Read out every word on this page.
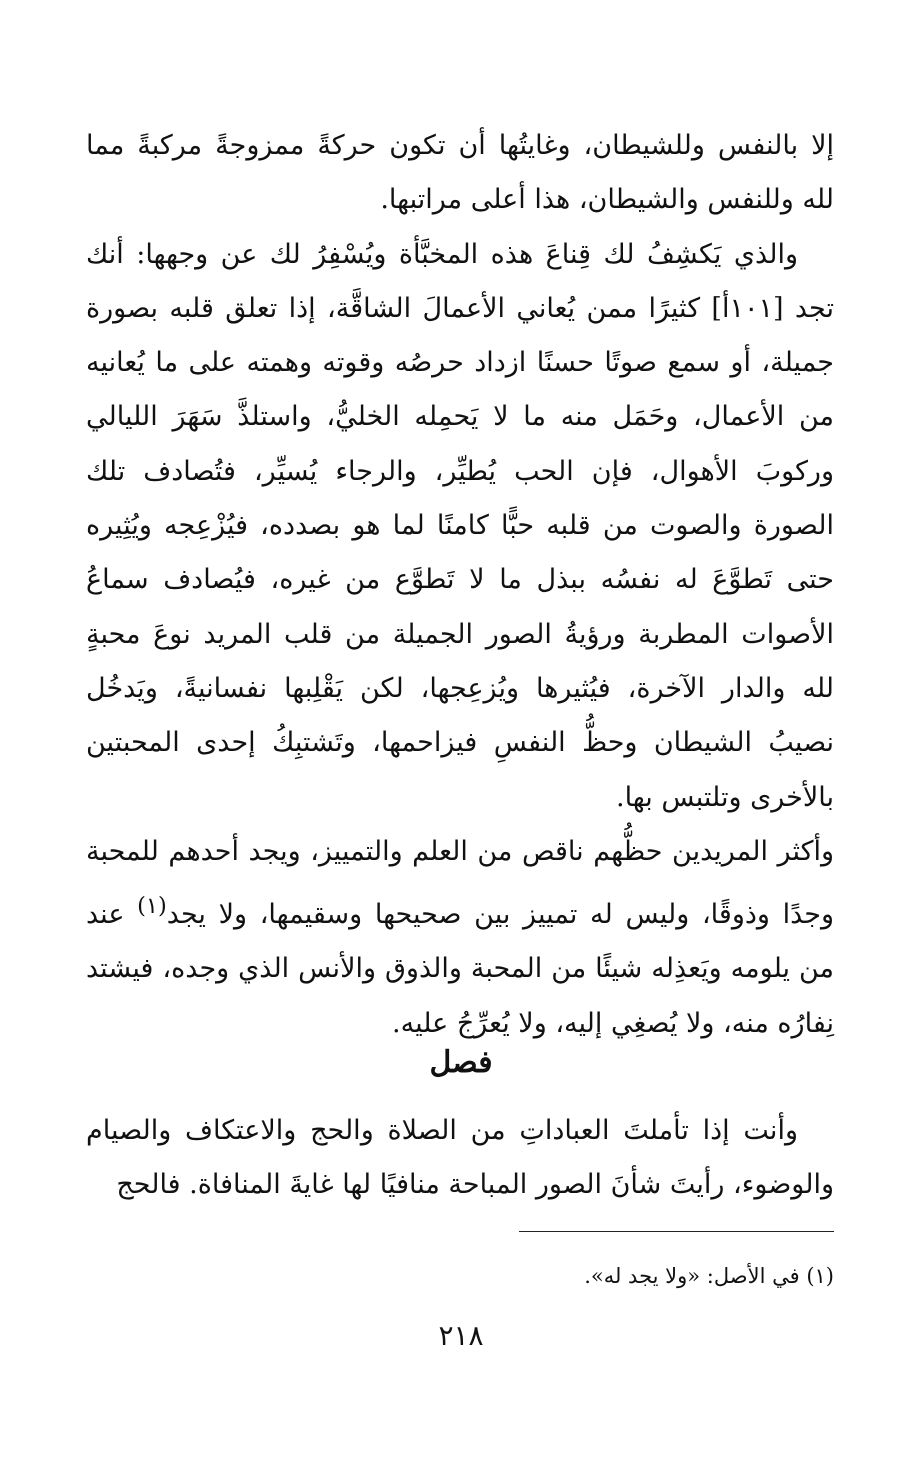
إلا بالنفس وللشيطان، وغايتُها أن تكون حركةً ممزوجةً مركبةً مما لله وللنفس والشيطان، هذا أعلى مراتبها.

والذي يَكشِفُ لك قِناعَ هذه المخبَّأة ويُسْفِرُ لك عن وجهها: أنك تجد [١٠١أ] كثيرًا ممن يُعاني الأعمالَ الشاقَّة، إذا تعلق قلبه بصورة جميلة، أو سمع صوتًا حسنًا ازداد حرصُه وقوته وهمته على ما يُعانيه من الأعمال، وحَمَل منه ما لا يَحمِله الخليُّ، واستلذَّ سَهَرَ الليالي وركوبَ الأهوال، فإن الحب يُطيِّر، والرجاء يُسيِّر، فتُصادف تلك الصورة والصوت من قلبه حبًّا كامنًا لما هو بصدده، فيُزْعِجه ويُثِيره حتى تَطوَّعَ له نفسُه ببذل ما لا تَطوَّع من غيره، فيُصادف سماعُ الأصوات المطربة ورؤيةُ الصور الجميلة من قلب المريد نوعَ محبةٍ لله والدار الآخرة، فيُثيرها ويُزعِجها، لكن يَقْلِبها نفسانيةً، ويَدخُل نصيبُ الشيطان وحظُّ النفسِ فيزاحمها، وتَشتبِكُ إحدى المحبتين بالأخرى وتلتبس بها.

وأكثر المريدين حظُّهم ناقص من العلم والتمييز، ويجد أحدهم للمحبة وجدًا وذوقًا، وليس له تمييز بين صحيحها وسقيمها، ولا يجد$^{(١)}$ عند من يلومه ويَعذِله شيئًا من المحبة والذوق والأنس الذي وجده، فيشتد نِفارُه منه، ولا يُصغِي إليه، ولا يُعرِّجُ عليه.

فصل

وأنت إذا تأملتَ العباداتِ من الصلاة والحج والاعتكاف والصيام والوضوء، رأيتَ شأنَ الصور المباحة منافيًا لها غايةَ المنافاة. فالحج

(١) في الأصل: «ولا يجد له».

٢١٨
